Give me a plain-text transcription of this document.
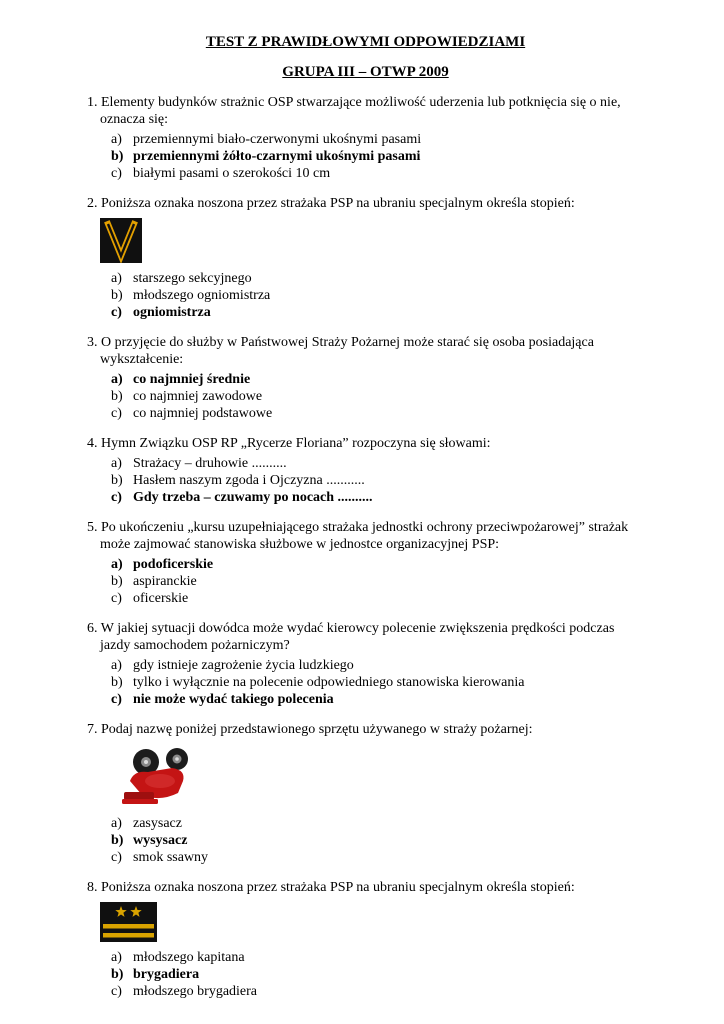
TEST Z PRAWIDŁOWYMI ODPOWIEDZIAMI

GRUPA III – OTWP 2009

1. Elementy budynków strażnic OSP stwarzające możliwość uderzenia lub potknięcia się o nie, oznacza się:

a) przemiennymi biało-czerwonymi ukośnymi pasami
b) przemiennymi żółto-czarnymi ukośnymi pasami
c) białymi pasami o szerokości 10 cm

2. Poniższa oznaka noszona przez strażaka PSP na ubraniu specjalnym określa stopień:

a) starszego sekcyjnego
b) młodszego ogniomistrza
c) ogniomistrza

3. O przyjęcie do służby w Państwowej Straży Pożarnej może starać się osoba posiadająca wykształcenie:

a) co najmniej średnie
b) co najmniej zawodowe
c) co najmniej podstawowe

4. Hymn Związku OSP RP „Rycerze Floriana” rozpoczyna się słowami:

a) Strażacy – druhowie ..........
b) Hasłem naszym zgoda i Ojczyzna ...........
c) Gdy trzeba – czuwamy po nocach ..........

5. Po ukończeniu „kursu uzupełniającego strażaka jednostki ochrony przeciwpożarowej” strażak może zajmować stanowiska służbowe w jednostce organizacyjnej PSP:

a) podoficerskie
b) aspiranckie
c) oficerskie

6. W jakiej sytuacji dowódca może wydać kierowcy polecenie zwiększenia prędkości podczas jazdy samochodem pożarniczym?

a) gdy istnieje zagrożenie życia ludzkiego
b) tylko i wyłącznie na polecenie odpowiedniego stanowiska kierowania
c) nie może wydać takiego polecenia

7. Podaj nazwę poniżej przedstawionego sprzętu używanego w straży pożarnej:

a) zasysacz
b) wysysacz
c) smok ssawny

8. Poniższa oznaka noszona przez strażaka PSP na ubraniu specjalnym określa stopień:

a) młodszego kapitana
b) brygadiera
c) młodszego brygadiera
